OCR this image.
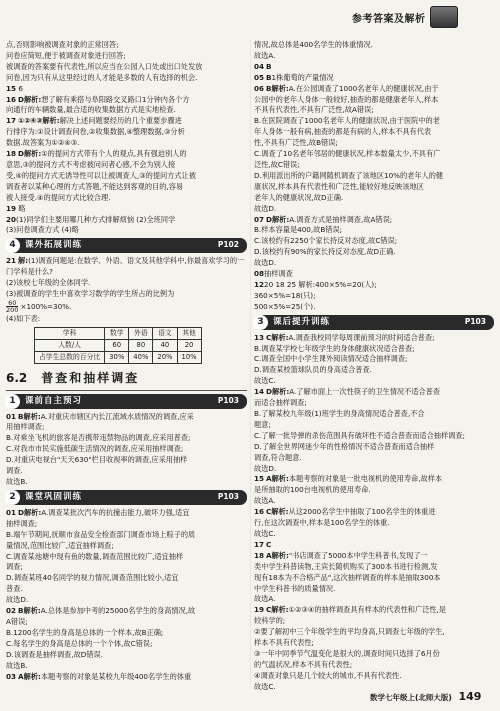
参考答案及解析
点,否则影响被调查对象的正常回答;
问卷应简短,便于被调查对象进行回答;
被调查的答案要有代表性,所以应当在公园入口处或出口处发放
问卷,因为只有从这里经过的人才能是多数的人有选择的机会.
15 6
16 D解析:想了解有乘搭与阜阳路交叉路口1分钟内各个方
向通行的车辆数量,最合适的收集数据方式是实地检查.
17 ①②④③解析:解决上述问题要经历的几个重要步骤进
行排序为:①设计调查问卷,②收集数据,④整理数据,③分析
数据.故答案为①②④③.
18 D解析:①的提问方式带有个人的观点,具有强迫别人的
意思,③的提问方式不考虑被问问者心感,不会为别人接
受,④的提问方式无诱导性可以让被调查人,③的提问方式让被
调查者以某种心理的方式答题,不能达到客观的目的,容易
被人接受.④的提问方式比较合理.
19 略
20(1)同学们主要用哪几种方式排解烦恼 (2)全班同学
(3)问卷调查方式 (4)略
4	课外拓展训练	P102
21 解:(1)调查问题是:在数学、外语、语文及其他学科中,你最喜欢学习的一
门学科是什么?
(2)该校七年级的全体同学.
(3)被调查的学生中喜欢学习数学的学生所占的比例为
$\frac{60}{200} \times 100\%=30\%$.
(4)如下表:
学科	数学	外语	语文	其他
人数/人	60	80	40	20
占学生总数的百分比	30%	40%	20%	10%
6.2 普查和抽样调查
1	课前自主预习	P103
01 B解析:A.对重庆市辖区内长江流域水质情况的调查,应采
用抽样调查;
B.对乘坐飞机的旅客是否携带违禁物品的调查,应采用普查;
C.对我市市民实施低碳生活情况的调查,应采用抽样调查;
D.对重庆电视台"天天630"栏目收视率的调查,应采用抽样
调查.
故选B.
2	课堂巩固训练	P103
01 D解析:A.调查某批次汽车的抗撞击能力,破坏力强,适宜
抽样调查;
B.端午节期间,抚顺市食品安全检查部门调查市场上粽子的质
量情况,范围比较广,适宜抽样调查;
C.调查某池塘中现有鱼的数量,调查范围比较广,适宜抽样
调查;
D.调查某班40名同学的视力情况,调查范围比较小,适宜
普查.
故选D.
02 B解析:A.总体是参加中考的25000名学生的身高情况,故
A错误;
B.1200名学生的身高是总体的一个样本,故B正确;
C.每名学生的身高是总体的一个个体,故C错误;
D.该调查是抽样调查,故D错误.
故选B.
03 A解析:本题考察的对象是某校九年级400名学生的体重
情况,故总体是400名学生的体重情况.
故选A.
04 B
05 B1株葡萄的产量情况
06 B解析:A.在公园调查了1000名老年人的健康状况,由于
公园中的老年人身体一般较好,抽查的都是健康老年人,样本
不具有代表性,不具有广泛性,故A错误;
B.在医院调查了1000名老年人的健康状况,由于医院中的老
年人身体一般有病,抽查的都是有病的人,样本不具有代表
性,不具有广泛性,故B错误;
C.调查了10名老年邻居的健康状况,样本数量太少,不具有广
泛性,故C错误;
D.利用派出所的户籍网随机调查了该地区10%的老年人的健
康状况,样本具有代表性和广泛性,能较好地反映该地区
老年人的健康状况,故D正确.
故选D.
07 D解析:A.调查方式是抽样调查,故A错误;
B.样本容量是400,故B错误;
C.该校约有2250个家长持反对态度,故C错误;
D.该校约有90%的家长持反对态度,故D正确.
故选D.
08抽样调查
1220 18 25 解析:400×5%=20(人);
360×5%=18(只);
500×5%=25(个).
3	课后提升训练	P103
13 C解析:A.调查我校同学每周课前预习的时间适合普查;
B.调查某学校七年级学生的身体健康状况适合普查;
C.调查全国中小学生课外阅读情况适合抽样调查;
D.调查某校篮球队员的身高适合普查.
故选C.
14 D解析:A.了解市面上一次性筷子的卫生情况不适合普查
而适合抽样调查;
B.了解某校九年级(1)班学生的身高情况适合普查,不合
题意;
C.了解一批导弹的杀伤范围具有破坏性不适合普查而适合抽样调查;
D.了解全世界网迷少年的性格情况不适合普查而适合抽样
调查,符合题意.
故选D.
15 A解析:本题考察的对象是一批电视机的使用寿命,故样本
是所抽取的100台电视机的使用寿命.
故选A.
16 C解析:从这2000名学生中抽取了100名学生的体重进
行,在这次调查中,样本是100名学生的体重.
故选C.
17 C
18 A解析:"书店调查了5000本中学生科普书,发现了一
类中学生科普读物,王宾长随机购买了300本书进行检测,发
现有18本为不合格产品",这次抽样调查的样本是抽取300本
中学生科普书的质量情况.
故选A.
19 C解析:①②③④的抽样调查具有样本的代表性和广泛性,是
较科学的;
②要了解初中三个年级学生的平均身高,只调查七年级的学生,
样本不具有代表性;
③一年中同季节气温变化是很大的,调查时间只选择了6月份
的气温状况,样本不具有代表性;
④调查对象只是几个较大的城市,不具有代表性.
故选C.
数学七年级上(北师大版) 149
